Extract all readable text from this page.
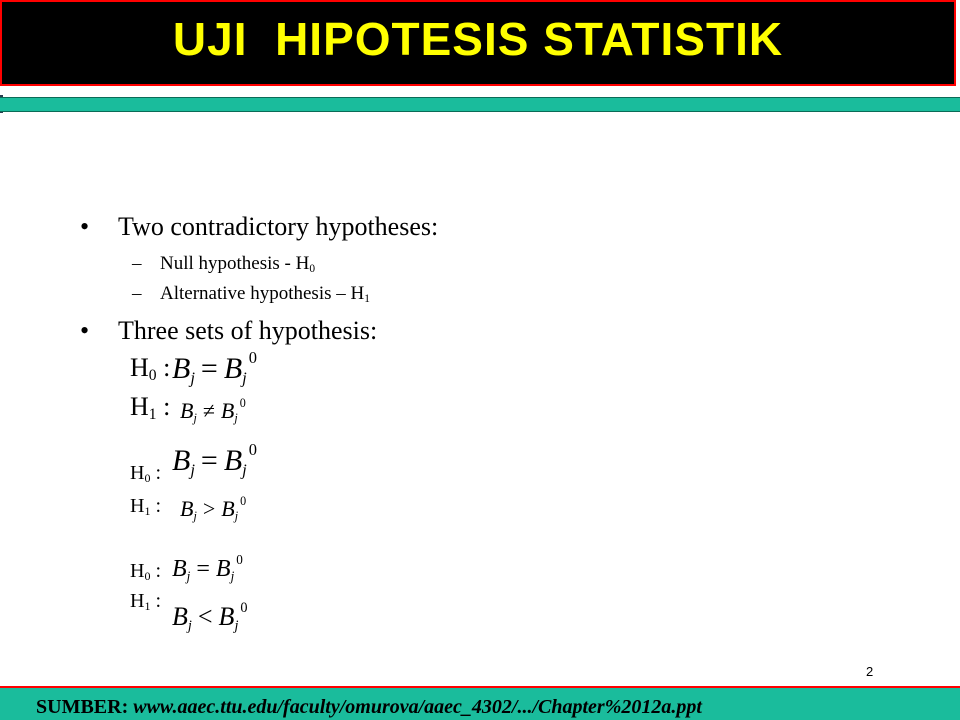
UJI  HIPOTESIS STATISTIK
• Two contradictory hypotheses:
– Null hypothesis - $H_0$
– Alternative hypothesis – $H_1$
• Three sets of hypothesis:
$H_0$ : $Bj = Bj^0$
$H_1$ : $Bj \ne Bj^0$
$Bj = Bj^0$
$H_0$ :
$H_1$ : $Bj > Bj^0$
$H_0$ : $Bj = Bj^0$
$H_1$ :
$Bj < Bj^0$
2
SUMBER: www.aaec.ttu.edu/faculty/omurova/aaec_4302/.../Chapter%2012a.ppt
